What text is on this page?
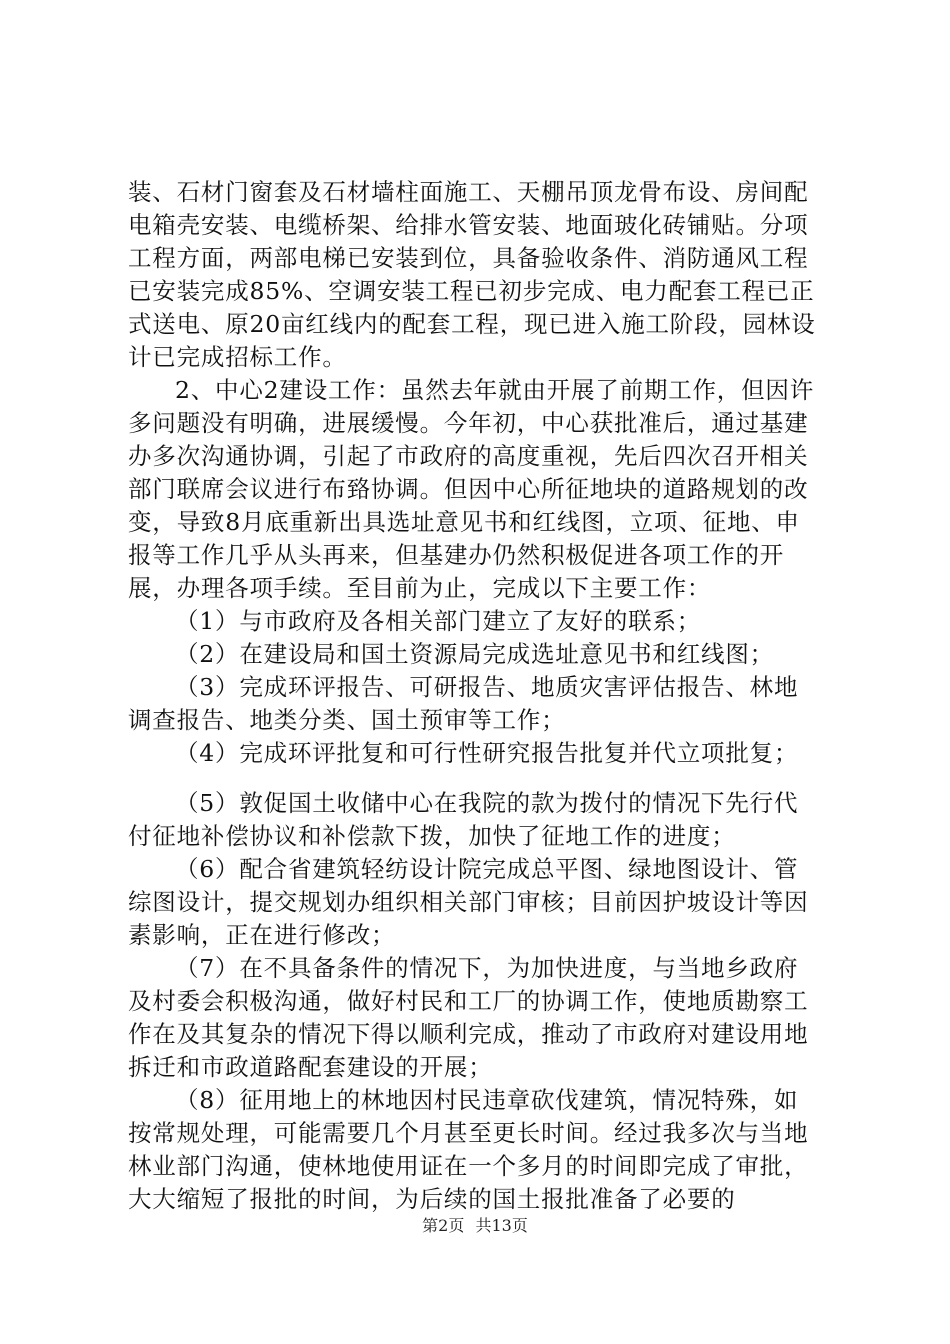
装、石材门窗套及石材墙柱面施工、天棚吊顶龙骨布设、房间配电箱壳安装、电缆桥架、给排水管安装、地面玻化砖铺贴。分项工程方面，两部电梯已安装到位，具备验收条件、消防通风工程已安装完成85%、空调安装工程已初步完成、电力配套工程已正式送电、原20亩红线内的配套工程，现已进入施工阶段，园林设计已完成招标工作。

2、中心2建设工作：虽然去年就由开展了前期工作，但因许多问题没有明确，进展缓慢。今年初，中心获批准后，通过基建办多次沟通协调，引起了市政府的高度重视，先后四次召开相关部门联席会议进行布臵协调。但因中心所征地块的道路规划的改变，导致8月底重新出具选址意见书和红线图，立项、征地、申报等工作几乎从头再来，但基建办仍然积极促进各项工作的开展，办理各项手续。至目前为止，完成以下主要工作：

（1）与市政府及各相关部门建立了友好的联系；

（2）在建设局和国土资源局完成选址意见书和红线图；

（3）完成环评报告、可研报告、地质灾害评估报告、林地调查报告、地类分类、国土预审等工作；

（4）完成环评批复和可行性研究报告批复并代立项批复；

（5）敦促国土收储中心在我院的款为拨付的情况下先行代付征地补偿协议和补偿款下拨，加快了征地工作的进度；

（6）配合省建筑轻纺设计院完成总平图、绿地图设计、管综图设计，提交规划办组织相关部门审核；目前因护坡设计等因素影响，正在进行修改；

（7）在不具备条件的情况下，为加快进度，与当地乡政府及村委会积极沟通，做好村民和工厂的协调工作，使地质勘察工作在及其复杂的情况下得以顺利完成，推动了市政府对建设用地拆迁和市政道路配套建设的开展；

（8）征用地上的林地因村民违章砍伐建筑，情况特殊，如按常规处理，可能需要几个月甚至更长时间。经过我多次与当地林业部门沟通，使林地使用证在一个多月的时间即完成了审批，大大缩短了报批的时间，为后续的国土报批准备了必要的

第2页 共13页
